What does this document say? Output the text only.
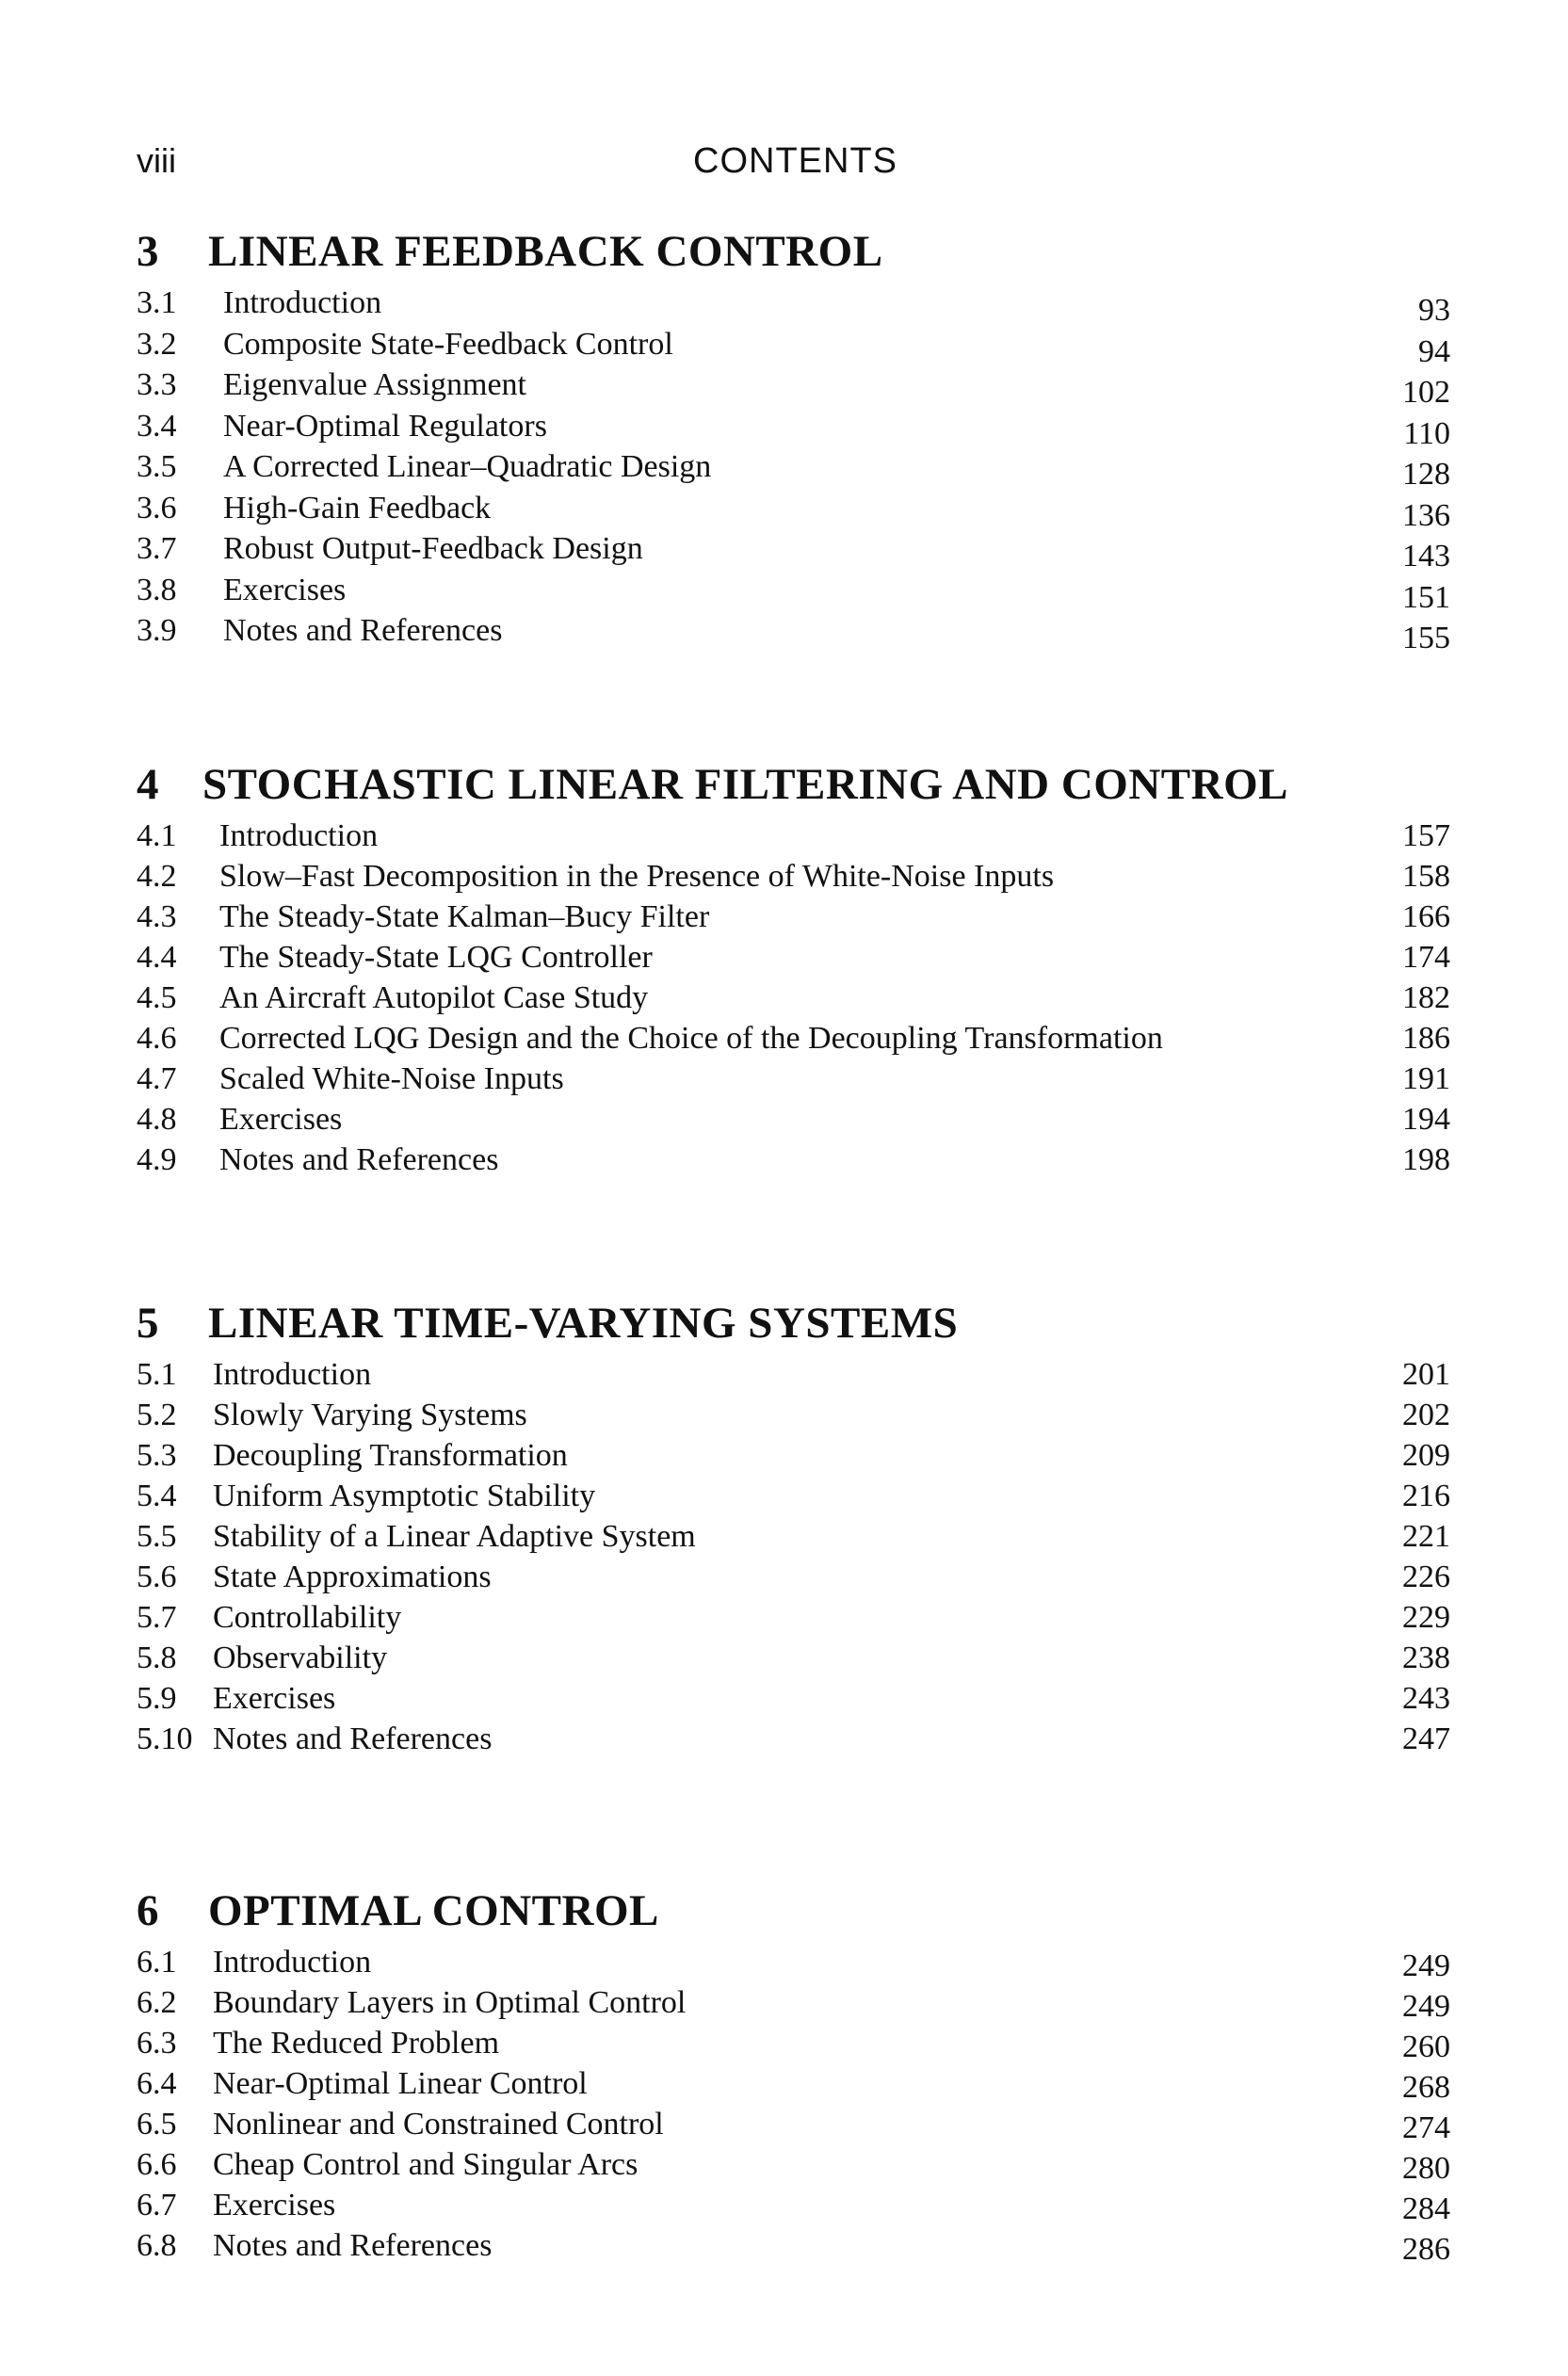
viii	CONTENTS
3 LINEAR FEEDBACK CONTROL
3.1 Introduction	93
3.2 Composite State-Feedback Control	94
3.3 Eigenvalue Assignment	102
3.4 Near-Optimal Regulators	110
3.5 A Corrected Linear–Quadratic Design	128
3.6 High-Gain Feedback	136
3.7 Robust Output-Feedback Design	143
3.8 Exercises	151
3.9 Notes and References	155
4 STOCHASTIC LINEAR FILTERING AND CONTROL
4.1 Introduction	157
4.2 Slow–Fast Decomposition in the Presence of White-Noise Inputs	158
4.3 The Steady-State Kalman–Bucy Filter	166
4.4 The Steady-State LQG Controller	174
4.5 An Aircraft Autopilot Case Study	182
4.6 Corrected LQG Design and the Choice of the Decoupling Transformation	186
4.7 Scaled White-Noise Inputs	191
4.8 Exercises	194
4.9 Notes and References	198
5 LINEAR TIME-VARYING SYSTEMS
5.1 Introduction	201
5.2 Slowly Varying Systems	202
5.3 Decoupling Transformation	209
5.4 Uniform Asymptotic Stability	216
5.5 Stability of a Linear Adaptive System	221
5.6 State Approximations	226
5.7 Controllability	229
5.8 Observability	238
5.9 Exercises	243
5.10 Notes and References	247
6 OPTIMAL CONTROL
6.1 Introduction	249
6.2 Boundary Layers in Optimal Control	249
6.3 The Reduced Problem	260
6.4 Near-Optimal Linear Control	268
6.5 Nonlinear and Constrained Control	274
6.6 Cheap Control and Singular Arcs	280
6.7 Exercises	284
6.8 Notes and References	286
